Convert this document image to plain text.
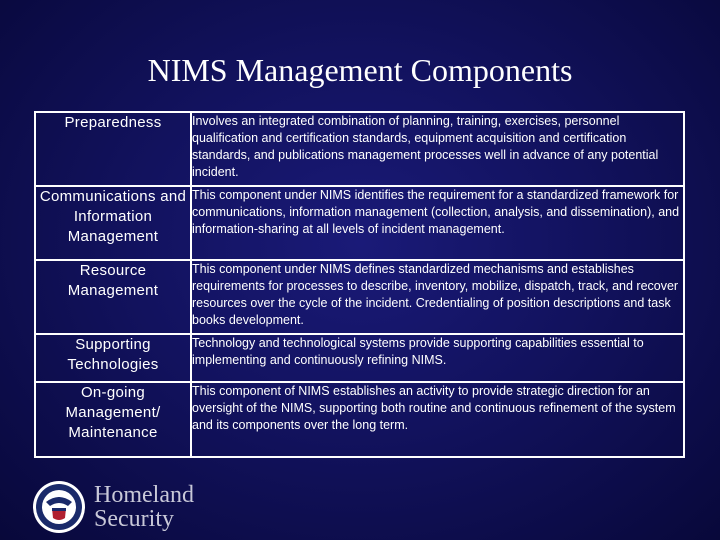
NIMS Management Components
Preparedness	Involves an integrated combination of planning, training, exercises, personnel qualification and certification standards, equipment acquisition and certification standards, and publications management processes well in advance of any potential incident.
Communications and Information Management	This component under NIMS identifies the requirement for a standardized framework for communications, information management (collection, analysis, and dissemination), and information-sharing at all levels of incident management.
Resource Management	This component under NIMS defines standardized mechanisms and establishes requirements for processes to describe, inventory, mobilize, dispatch, track, and recover resources over the cycle of the incident. Credentialing of position descriptions and task books development.
Supporting Technologies	Technology and technological systems provide supporting capabilities essential to implementing and continuously refining NIMS.
On-going Management/ Maintenance	This component of NIMS establishes an activity to provide strategic direction for an oversight of the NIMS, supporting both routine and continuous refinement of the system and its components over the long term.
Homeland
Security
